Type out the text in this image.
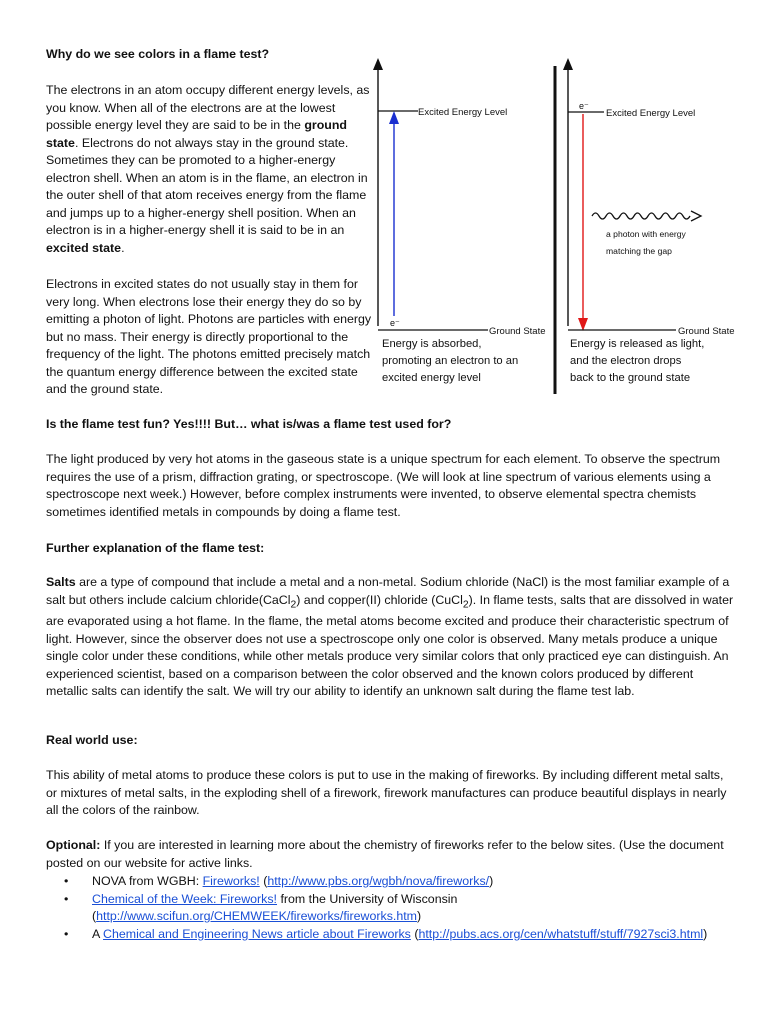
Why do we see colors in a flame test?

The electrons in an atom occupy different energy levels, as you know. When all of the electrons are at the lowest possible energy level they are said to be in the ground state. Electrons do not always stay in the ground state. Sometimes they can be promoted to a higher-energy electron shell. When an atom is in the flame, an electron in the outer shell of that atom receives energy from the flame and jumps up to a higher-energy shell position. When an electron is in a higher-energy shell it is said to be in an excited state.

Electrons in excited states do not usually stay in them for very long. When electrons lose their energy they do so by emitting a photon of light. Photons are particles with energy but no mass. Their energy is directly proportional to the frequency of the light. The photons emitted precisely match the quantum energy difference between the excited state and the ground state.

Excited Energy Level
e⁻
Ground State
Energy is absorbed,
promoting an electron to an
excited energy level
e⁻
Excited Energy Level
a photon with energy
matching the gap
Ground State
Energy is released as light,
and the electron drops
back to the ground state
Is the flame test fun? Yes!!!! But… what is/was a flame test used for?

The light produced by very hot atoms in the gaseous state is a unique spectrum for each element. To observe the spectrum requires the use of a prism, diffraction grating, or spectroscope. (We will look at line spectrum of various elements using a spectroscope next week.) However, before complex instruments were invented, to observe elemental spectra chemists sometimes identified metals in compounds by doing a flame test.

Further explanation of the flame test:

Salts are a type of compound that include a metal and a non-metal. Sodium chloride (NaCl) is the most familiar example of a salt but others include calcium chloride(CaCl$_2$) and copper(II) chloride (CuCl$_2$). In flame tests, salts that are dissolved in water are evaporated using a hot flame. In the flame, the metal atoms become excited and produce their characteristic spectrum of light. However, since the observer does not use a spectroscope only one color is observed. Many metals produce a unique single color under these conditions, while other metals produce very similar colors that only practiced eye can distinguish. An experienced scientist, based on a comparison between the color observed and the known colors produced by different metallic salts can identify the salt. We will try our ability to identify an unknown salt during the flame test lab.

Real world use:

This ability of metal atoms to produce these colors is put to use in the making of fireworks. By including different metal salts, or mixtures of metal salts, in the exploding shell of a firework, firework manufactures can produce beautiful displays in nearly all the colors of the rainbow.

Optional: If you are interested in learning more about the chemistry of fireworks refer to the below sites. (Use the document posted on our website for active links.

• NOVA from WGBH: Fireworks! (http://www.pbs.org/wgbh/nova/fireworks/)
• Chemical of the Week: Fireworks! from the University of Wisconsin (http://www.scifun.org/CHEMWEEK/fireworks/fireworks.htm)
• A Chemical and Engineering News article about Fireworks (http://pubs.acs.org/cen/whatstuff/stuff/7927sci3.html)
